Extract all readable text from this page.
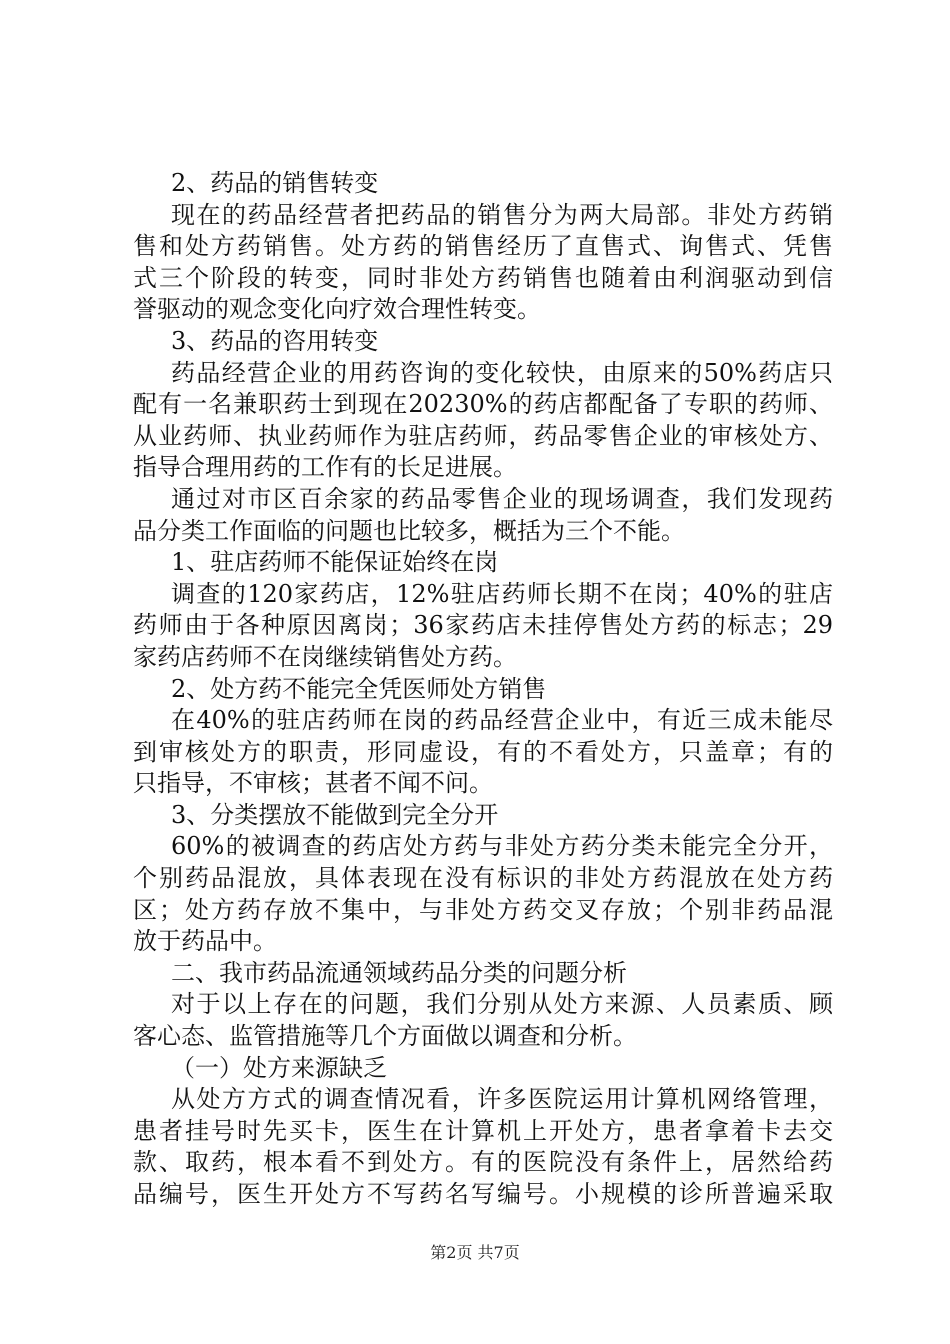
2、药品的销售转变
现在的药品经营者把药品的销售分为两大局部。非处方药销
售和处方药销售。处方药的销售经历了直售式、询售式、凭售
式三个阶段的转变，同时非处方药销售也随着由利润驱动到信
誉驱动的观念变化向疗效合理性转变。
3、药品的咨用转变
药品经营企业的用药咨询的变化较快，由原来的50%药店只
配有一名兼职药士到现在20230%的药店都配备了专职的药师、
从业药师、执业药师作为驻店药师，药品零售企业的审核处方、
指导合理用药的工作有的长足进展。
通过对市区百余家的药品零售企业的现场调查，我们发现药
品分类工作面临的问题也比较多，概括为三个不能。
1、驻店药师不能保证始终在岗
调查的120家药店，12%驻店药师长期不在岗；40%的驻店
药师由于各种原因离岗；36家药店未挂停售处方药的标志；29
家药店药师不在岗继续销售处方药。
2、处方药不能完全凭医师处方销售
在40%的驻店药师在岗的药品经营企业中，有近三成未能尽
到审核处方的职责，形同虚设，有的不看处方，只盖章；有的
只指导，不审核；甚者不闻不问。
3、分类摆放不能做到完全分开
60%的被调查的药店处方药与非处方药分类未能完全分开，
个别药品混放，具体表现在没有标识的非处方药混放在处方药
区；处方药存放不集中，与非处方药交叉存放；个别非药品混
放于药品中。
二、我市药品流通领域药品分类的问题分析
对于以上存在的问题，我们分别从处方来源、人员素质、顾
客心态、监管措施等几个方面做以调查和分析。
（一）处方来源缺乏
从处方方式的调查情况看，许多医院运用计算机网络管理，
患者挂号时先买卡，医生在计算机上开处方，患者拿着卡去交
款、取药，根本看不到处方。有的医院没有条件上，居然给药
品编号，医生开处方不写药名写编号。小规模的诊所普遍采取
第2页 共7页
